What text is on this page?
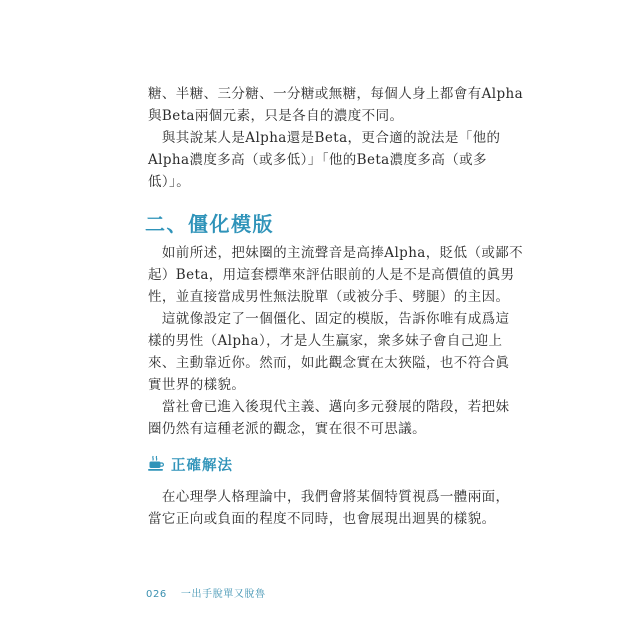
糖、半糖、三分糖、一分糖或無糖，每個人身上都會有Alpha

與Beta兩個元素，只是各自的濃度不同。

　與其說某人是Alpha還是Beta，更合適的說法是「他的

Alpha濃度多高（或多低）」「他的Beta濃度多高（或多

低）」。

二、僵化模版

　如前所述，把妹圈的主流聲音是高捧Alpha，貶低（或鄙不

起）Beta，用這套標準來評估眼前的人是不是高價值的眞男

性，並直接當成男性無法脫單（或被分手、劈腿）的主因。

　這就像設定了一個僵化、固定的模版，告訴你唯有成爲這

樣的男性（Alpha），才是人生贏家，衆多妹子會自己迎上

來、主動靠近你。然而，如此觀念實在太狹隘，也不符合眞

實世界的樣貌。

　當社會已進入後現代主義、邁向多元發展的階段，若把妹

圈仍然有這種老派的觀念，實在很不可思議。

正確解法

　在心理學人格理論中，我們會將某個特質視爲一體兩面，

當它正向或負面的程度不同時，也會展現出迴異的樣貌。

026 一出手脫單又脫魯
